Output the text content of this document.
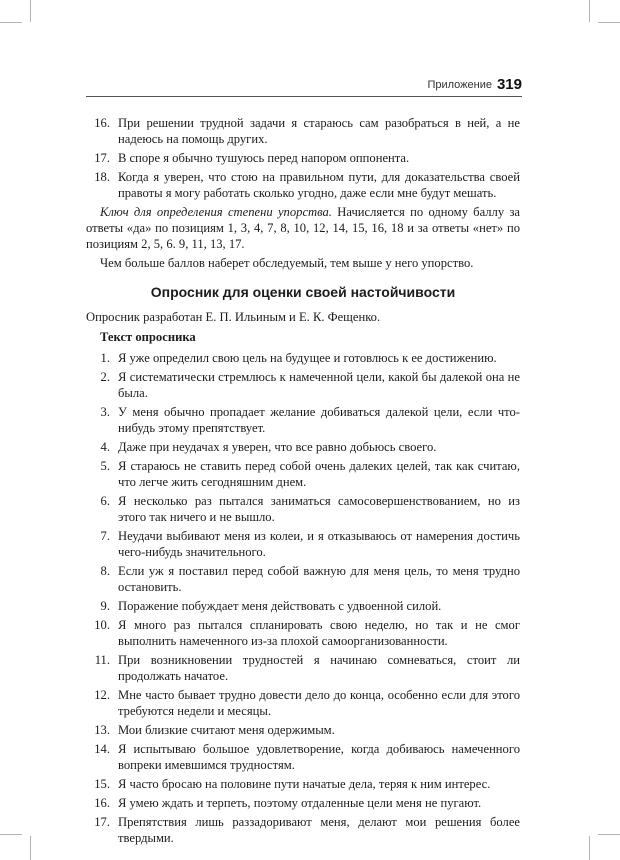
Приложение 319
16. При решении трудной задачи я стараюсь сам разобраться в ней, а не надеюсь на помощь других.
17. В споре я обычно тушуюсь перед напором оппонента.
18. Когда я уверен, что стою на правильном пути, для доказательства своей правоты я могу работать сколько угодно, даже если мне будут мешать.

Ключ для определения степени упорства. Начисляется по одному баллу за ответы «да» по позициям 1, 3, 4, 7, 8, 10, 12, 14, 15, 16, 18 и за ответы «нет» по позициям 2, 5, 6. 9, 11, 13, 17.

Чем больше баллов наберет обследуемый, тем выше у него упорство.

Опросник для оценки своей настойчивости

Опросник разработан Е. П. Ильиным и Е. К. Фещенко.

Текст опросника
1. Я уже определил свою цель на будущее и готовлюсь к ее достижению.
2. Я систематически стремлюсь к намеченной цели, какой бы далекой она не была.
3. У меня обычно пропадает желание добиваться далекой цели, если что-нибудь этому препятствует.
4. Даже при неудачах я уверен, что все равно добьюсь своего.
5. Я стараюсь не ставить перед собой очень далеких целей, так как считаю, что легче жить сегодняшним днем.
6. Я несколько раз пытался заниматься самосовершенствованием, но из этого так ничего и не вышло.
7. Неудачи выбивают меня из колеи, и я отказываюсь от намерения достичь чего-нибудь значительного.
8. Если уж я поставил перед собой важную для меня цель, то меня трудно остановить.
9. Поражение побуждает меня действовать с удвоенной силой.
10. Я много раз пытался спланировать свою неделю, но так и не смог выполнить намеченного из-за плохой самоорганизованности.
11. При возникновении трудностей я начинаю сомневаться, стоит ли продолжать начатое.
12. Мне часто бывает трудно довести дело до конца, особенно если для этого требуются недели и месяцы.
13. Мои близкие считают меня одержимым.
14. Я испытываю большое удовлетворение, когда добиваюсь намеченного вопреки имевшимся трудностям.
15. Я часто бросаю на половине пути начатые дела, теряя к ним интерес.
16. Я умею ждать и терпеть, поэтому отдаленные цели меня не пугают.
17. Препятствия лишь раззадоривают меня, делают мои решения более твердыми.
